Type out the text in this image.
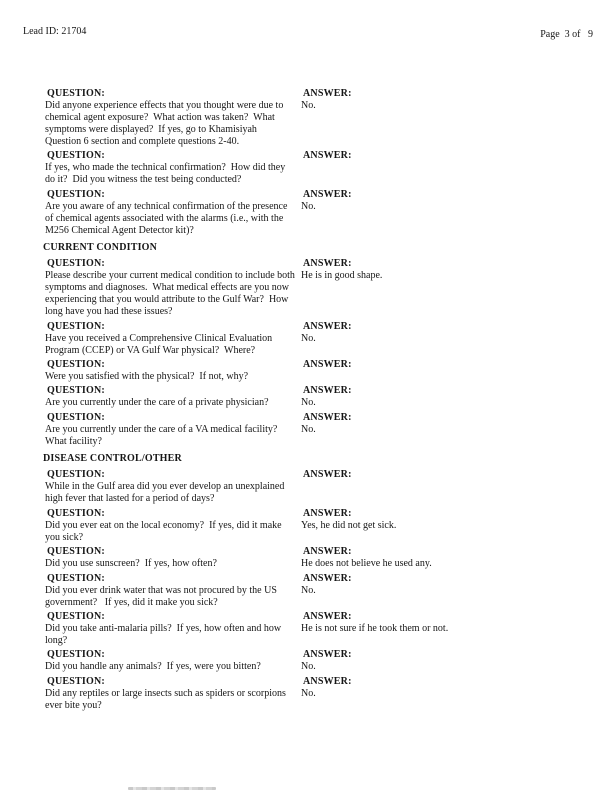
Lead ID: 21704	Page  3 of   9
QUESTION:
Did anyone experience effects that you thought were due to chemical agent exposure?  What action was taken?  What symptoms were displayed?  If yes, go to Khamisiyah Question 6 section and complete questions 2-40.
ANSWER:
No.
QUESTION:
If yes, who made the technical confirmation?  How did they do it?  Did you witness the test being conducted?
ANSWER:
QUESTION:
Are you aware of any technical confirmation of the presence of chemical agents associated with the alarms (i.e., with the M256 Chemical Agent Detector kit)?
ANSWER:
No.
CURRENT CONDITION
QUESTION:
Please describe your current medical condition to include both symptoms and diagnoses.  What medical effects are you now experiencing that you would attribute to the Gulf War?  How long have you had these issues?
ANSWER:
He is in good shape.
QUESTION:
Have you received a Comprehensive Clinical Evaluation Program (CCEP) or VA Gulf War physical?  Where?
ANSWER:
No.
QUESTION:
Were you satisfied with the physical?  If not, why?
ANSWER:
QUESTION:
Are you currently under the care of a private physician?
ANSWER:
No.
QUESTION:
Are you currently under the care of a VA medical facility?  What facility?
ANSWER:
No.
DISEASE CONTROL/OTHER
QUESTION:
While in the Gulf area did you ever develop an unexplained high fever that lasted for a period of days?
ANSWER:
QUESTION:
Did you ever eat on the local economy?  If yes, did it make you sick?
ANSWER:
Yes, he did not get sick.
QUESTION:
Did you use sunscreen?  If yes, how often?
ANSWER:
He does not believe he used any.
QUESTION:
Did you ever drink water that was not procured by the US government?   If yes, did it make you sick?
ANSWER:
No.
QUESTION:
Did you take anti-malaria pills?  If yes, how often and how long?
ANSWER:
He is not sure if he took them or not.
QUESTION:
Did you handle any animals?  If yes, were you bitten?
ANSWER:
No.
QUESTION:
Did any reptiles or large insects such as spiders or scorpions ever bite you?
ANSWER:
No.
